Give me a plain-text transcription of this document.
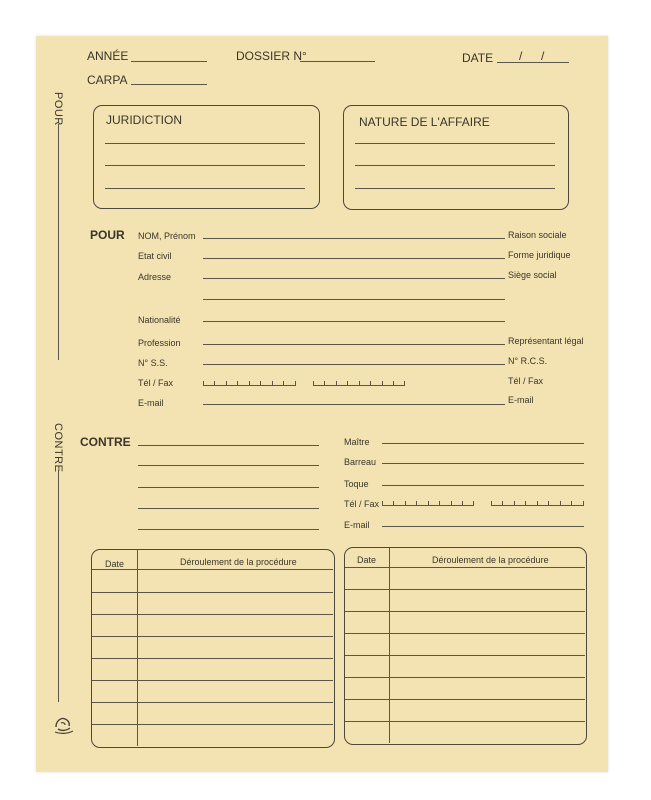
ANNÉE	DOSSIER N°	DATE / /
CARPA
POUR
CONTRE
JURIDICTION	NATURE DE L'AFFAIRE
POUR NOM, Prénom	Raison sociale
Etat civil	Forme juridique
Adresse	Siège social
Nationalité
Profession	Représentant légal
N° S.S.	N° R.C.S.
Tél / Fax	Tél / Fax
E-mail	E-mail
CONTRE	Maître
Barreau
Toque
Tél / Fax
E-mail
Date	Déroulement de la procédure	Date	Déroulement de la procédure
